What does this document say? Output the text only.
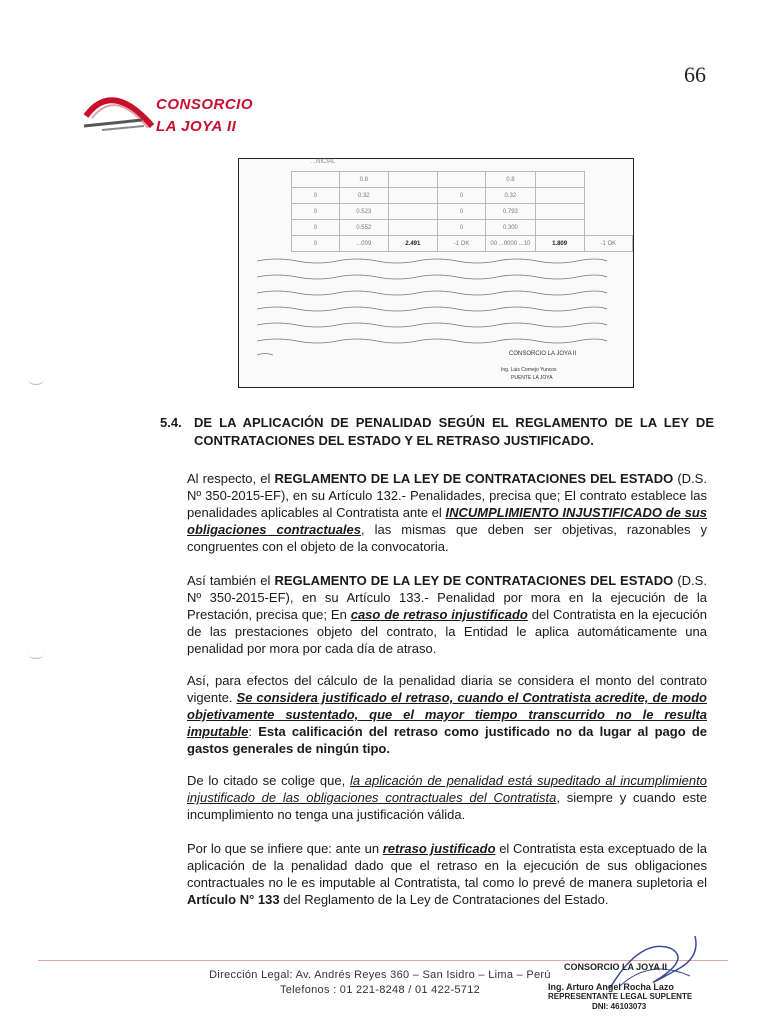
66
CONSORCIO
LA JOYA II
...NICIAL
	0.8			0.8		
0	0.32		0	0.32		
0	0.523		0	0.793		
0	0.552		0	0.300		
0	...009	2.491	-1 OK	00 ...0000 ...10	1.809	-1 OK
CONSORCIO LA JOYA II
Ing. Luis Cornejo Yuncos
PUENTE LA JOYA
5.4. DE LA APLICACIÓN DE PENALIDAD SEGÚN EL REGLAMENTO DE LA LEY DE CONTRATACIONES DEL ESTADO Y EL RETRASO JUSTIFICADO.
Al respecto, el REGLAMENTO DE LA LEY DE CONTRATACIONES DEL ESTADO (D.S. Nº 350-2015-EF), en su Artículo 132.- Penalidades, precisa que; El contrato establece las penalidades aplicables al Contratista ante el INCUMPLIMIENTO INJUSTIFICADO de sus obligaciones contractuales, las mismas que deben ser objetivas, razonables y congruentes con el objeto de la convocatoria.
Así también el REGLAMENTO DE LA LEY DE CONTRATACIONES DEL ESTADO (D.S. Nº 350-2015-EF), en su Artículo 133.- Penalidad por mora en la ejecución de la Prestación, precisa que; En caso de retraso injustificado del Contratista en la ejecución de las prestaciones objeto del contrato, la Entidad le aplica automáticamente una penalidad por mora por cada día de atraso.
Así, para efectos del cálculo de la penalidad diaria se considera el monto del contrato vigente. Se considera justificado el retraso, cuando el Contratista acredite, de modo objetivamente sustentado, que el mayor tiempo transcurrido no le resulta imputable: Esta calificación del retraso como justificado no da lugar al pago de gastos generales de ningún tipo.
De lo citado se colige que, la aplicación de penalidad está supeditado al incumplimiento injustificado de las obligaciones contractuales del Contratista, siempre y cuando este incumplimiento no tenga una justificación válida.
Por lo que se infiere que: ante un retraso justificado el Contratista esta exceptuado de la aplicación de la penalidad dado que el retraso en la ejecución de sus obligaciones contractuales no le es imputable al Contratista, tal como lo prevé de manera supletoria el Artículo N° 133 del Reglamento de la Ley de Contrataciones del Estado.
Dirección Legal: Av. Andrés Reyes 360 – San Isidro – Lima – Perú
Telefonos : 01 221-8248 / 01 422-5712
CONSORCIO LA JOYA II
Ing. Arturo Angel Rocha Lazo
REPRESENTANTE LEGAL SUPLENTE
DNI: 46103073
